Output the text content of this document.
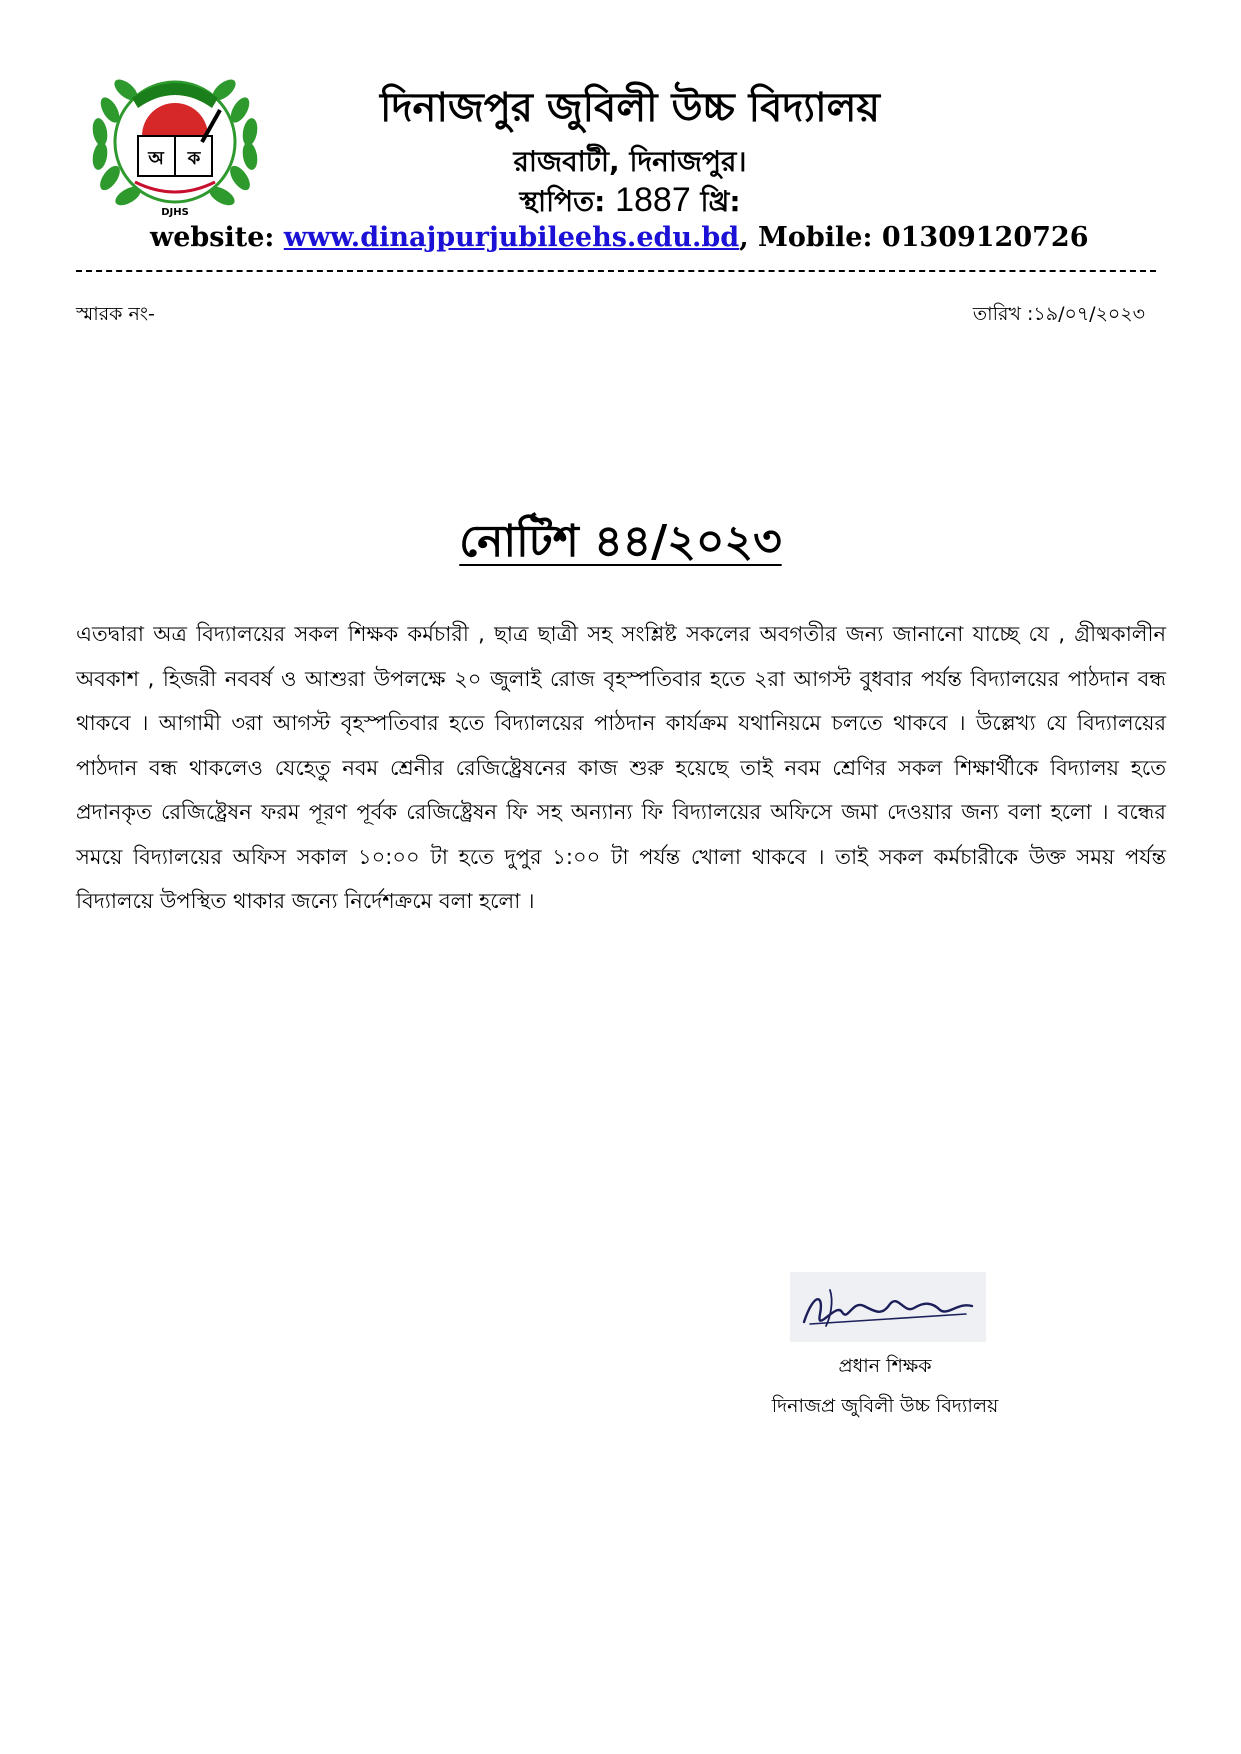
অ ক
DJHS
দিনাজপুর জুবিলী উচ্চ বিদ্যালয়
রাজবাটী, দিনাজপুর।
স্থাপিত: 1887 খ্রি:
website: www.dinajpurjubileehs.edu.bd, Mobile: 01309120726
স্মারক নং-	তারিখ :১৯/০৭/২০২৩
নোটিশ ৪৪/২০২৩
এতদ্বারা অত্র বিদ্যালয়ের সকল শিক্ষক কর্মচারী , ছাত্র ছাত্রী সহ সংশ্লিষ্ট সকলের অবগতীর জন্য জানানো যাচ্ছে যে , গ্রীষ্মকালীন অবকাশ , হিজরী নববর্ষ ও আশুরা উপলক্ষে ২০ জুলাই রোজ বৃহস্পতিবার হতে ২রা আগস্ট বুধবার পর্যন্ত বিদ্যালয়ের পাঠদান বন্ধ থাকবে । আগামী ৩রা আগস্ট বৃহস্পতিবার হতে বিদ্যালয়ের পাঠদান কার্যক্রম যথানিয়মে চলতে থাকবে । উল্লেখ্য যে বিদ্যালয়ের পাঠদান বন্ধ থাকলেও যেহেতু নবম শ্রেনীর রেজিষ্ট্রেষনের কাজ শুরু হয়েছে তাই নবম শ্রেণির সকল শিক্ষার্থীকে বিদ্যালয় হতে প্রদানকৃত রেজিষ্ট্রেষন ফরম পূরণ পূর্বক রেজিষ্ট্রেষন ফি সহ অন্যান্য ফি বিদ্যালয়ের অফিসে জমা দেওয়ার জন্য বলা হলো । বন্ধের সময়ে বিদ্যালয়ের অফিস সকাল ১০:০০ টা হতে দুপুর ১:০০ টা পর্যন্ত খোলা থাকবে । তাই সকল কর্মচারীকে উক্ত সময় পর্যন্ত বিদ্যালয়ে উপস্থিত থাকার জন্যে নির্দেশক্রমে বলা হলো ।
প্রধান শিক্ষক
দিনাজপ্র জুবিলী উচ্চ বিদ্যালয়
